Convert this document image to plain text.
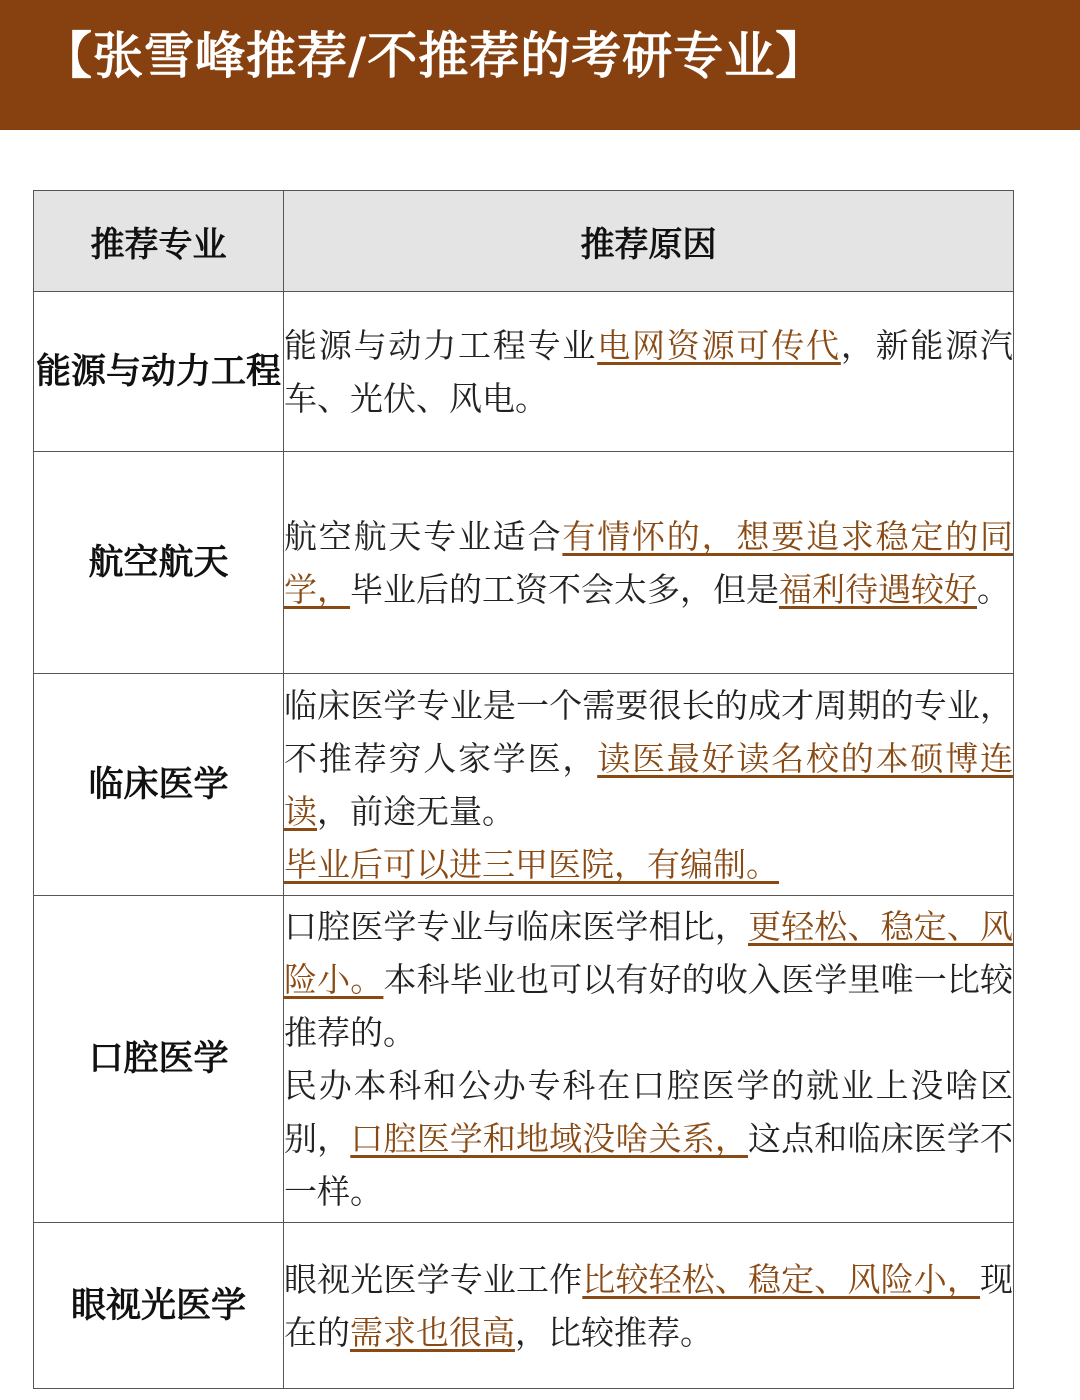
【张雪峰推荐/不推荐的考研专业】
推荐专业	推荐原因
能源与动力工程	能源与动力工程专业电网资源可传代，新能源汽车、光伏、风电。
航空航天	航空航天专业适合有情怀的，想要追求稳定的同学，毕业后的工资不会太多，但是福利待遇较好。
临床医学	临床医学专业是一个需要很长的成才周期的专业，不推荐穷人家学医，读医最好读名校的本硕博连读，前途无量。
毕业后可以进三甲医院，有编制。
口腔医学	口腔医学专业与临床医学相比，更轻松、稳定、风险小。本科毕业也可以有好的收入医学里唯一比较推荐的。
民办本科和公办专科在口腔医学的就业上没啥区别，口腔医学和地域没啥关系，这点和临床医学不一样。
眼视光医学	眼视光医学专业工作比较轻松、稳定、风险小，现在的需求也很高，比较推荐。
